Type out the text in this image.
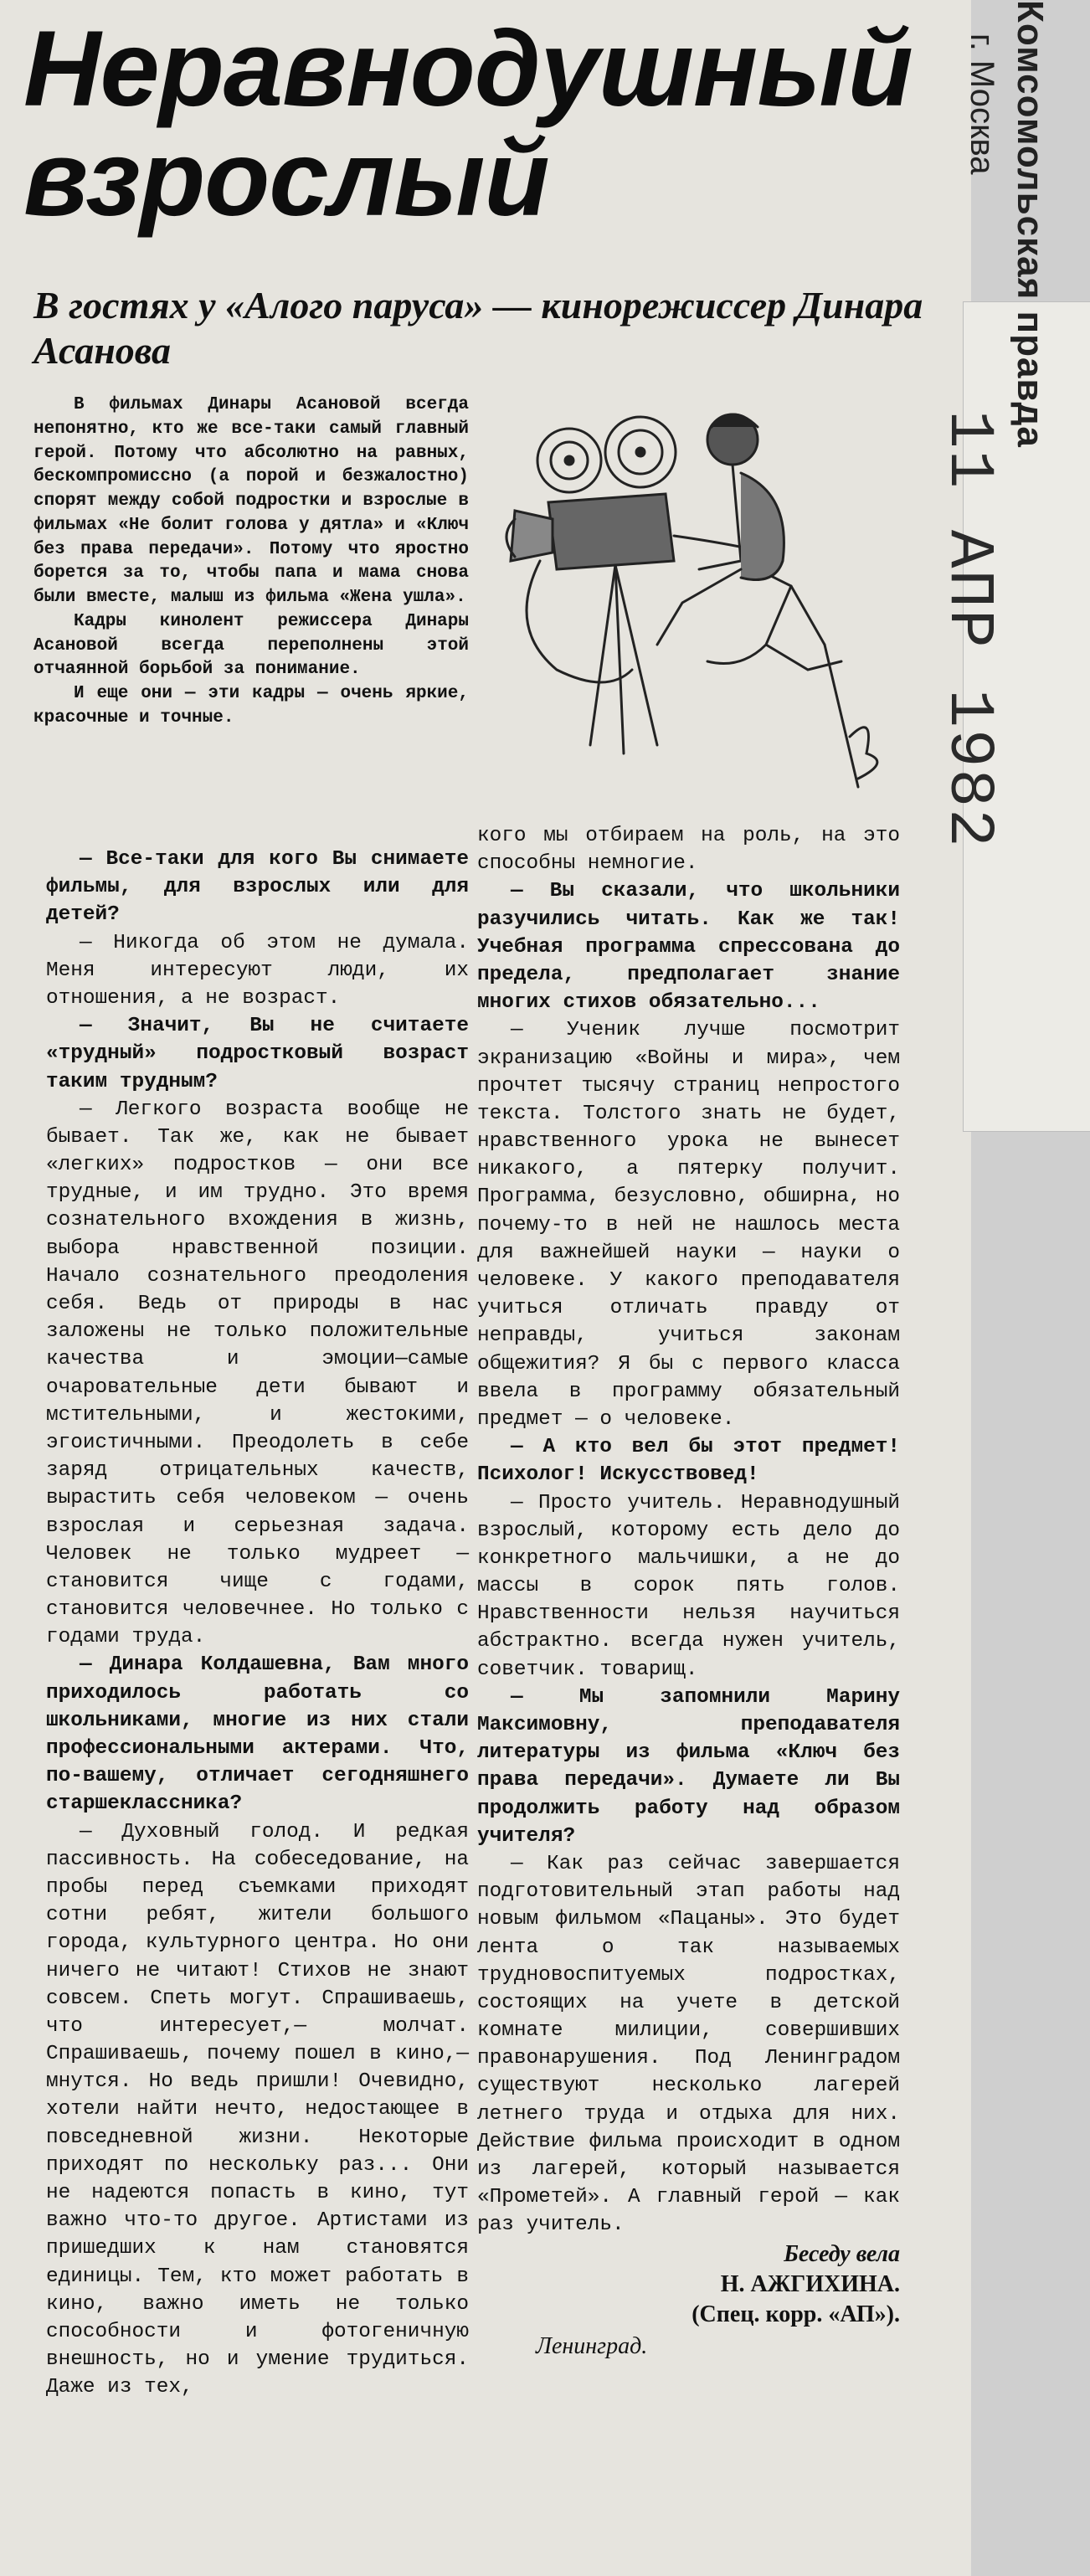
Комсомольская правда
г. Москва
11 АПР 1982
Неравнодушный взрослый
В гостях у «Алого паруса» — кинорежиссер Динара Асанова

В фильмах Динары Асановой всегда непонятно, кто же все-таки самый главный герой. Потому что абсолютно на равных, бескомпромиссно (а порой и безжалостно) спорят между собой подростки и взрослые в фильмах «Не болит голова у дятла» и «Ключ без права передачи». Потому что яростно борется за то, чтобы папа и мама снова были вместе, малыш из фильма «Жена ушла».

Кадры кинолент режиссера Динары Асановой всегда переполнены этой отчаянной борьбой за понимание.

И еще они — эти кадры — очень яркие, красочные и точные.

— Все-таки для кого Вы снимаете фильмы, для взрослых или для детей?

— Никогда об этом не думала. Меня интересуют люди, их отношения, а не возраст.

— Значит, Вы не считаете «трудный» подростковый возраст таким трудным?

— Легкого возраста вообще не бывает. Так же, как не бывает «легких» подростков — они все трудные, и им трудно. Это время сознательного вхождения в жизнь, выбора нравственной позиции. Начало сознательного преодоления себя. Ведь от природы в нас заложены не только положительные качества и эмоции—самые очаровательные дети бывают и мстительными, и жестокими, эгоистичными. Преодолеть в себе заряд отрицательных качеств, вырастить себя человеком — очень взрослая и серьезная задача. Человек не только мудреет — становится чище с годами, становится человечнее. Но только с годами труда.

— Динара Колдашевна, Вам много приходилось работать со школьниками, многие из них стали профессиональными актерами. Что, по-вашему, отличает сегодняшнего старшеклассника?

— Духовный голод. И редкая пассивность. На собеседование, на пробы перед съемками приходят сотни ребят, жители большого города, культурного центра. Но они ничего не читают! Стихов не знают совсем. Спеть могут. Спрашиваешь, что интересует,— молчат. Спрашиваешь, почему пошел в кино,— мнутся. Но ведь пришли! Очевидно, хотели найти нечто, недостающее в повседневной жизни. Некоторые приходят по нескольку раз... Они не надеются попасть в кино, тут важно что-то другое. Артистами из пришедших к нам становятся единицы. Тем, кто может работать в кино, важно иметь не только способности и фотогеничную внешность, но и умение трудиться. Даже из тех,

кого мы отбираем на роль, на это способны немногие.

— Вы сказали, что школьники разучились читать. Как же так! Учебная программа спрессована до предела, предполагает знание многих стихов обязательно...

— Ученик лучше посмотрит экранизацию «Войны и мира», чем прочтет тысячу страниц непростого текста. Толстого знать не будет, нравственного урока не вынесет никакого, а пятерку получит. Программа, безусловно, обширна, но почему-то в ней не нашлось места для важнейшей науки — науки о человеке. У какого преподавателя учиться отличать правду от неправды, учиться законам общежития? Я бы с первого класса ввела в программу обязательный предмет — о человеке.

— А кто вел бы этот предмет! Психолог! Искусствовед!

— Просто учитель. Неравнодушный взрослый, которому есть дело до конкретного мальчишки, а не до массы в сорок пять голов. Нравственности нельзя научиться абстрактно. всегда нужен учитель, советчик. товарищ.

— Мы запомнили Марину Максимовну, преподавателя литературы из фильма «Ключ без права передачи». Думаете ли Вы продолжить работу над образом учителя?

— Как раз сейчас завершается подготовительный этап работы над новым фильмом «Пацаны». Это будет лента о так называемых трудновоспитуемых подростках, состоящих на учете в детской комнате милиции, совершивших правонарушения. Под Ленинградом существуют несколько лагерей летнего труда и отдыха для них. Действие фильма происходит в одном из лагерей, который называется «Прометей». А главный герой — как раз учитель.

Беседу вела

Н. АЖГИХИНА.

(Спец. корр. «АП»).

Ленинград.
